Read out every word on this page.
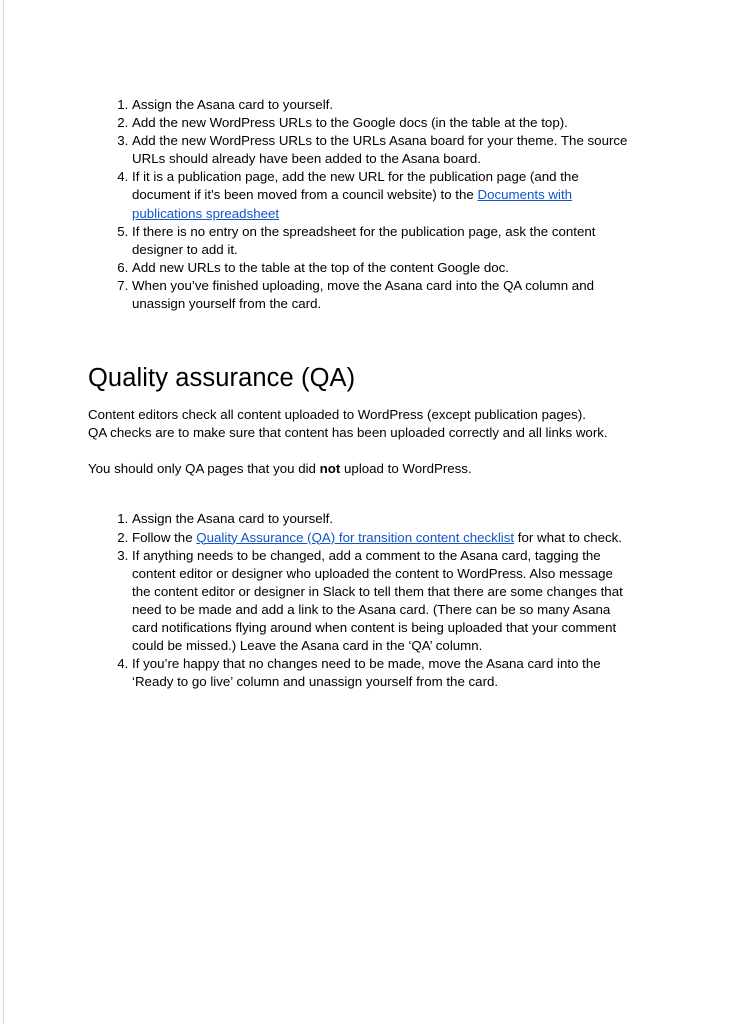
1. Assign the Asana card to yourself.
2. Add the new WordPress URLs to the Google docs (in the table at the top).
3. Add the new WordPress URLs to the URLs Asana board for your theme. The source URLs should already have been added to the Asana board.
4. If it is a publication page, add the new URL for the publication page (and the document if it's been moved from a council website) to the Documents with publications spreadsheet
5. If there is no entry on the spreadsheet for the publication page, ask the content designer to add it.
6. Add new URLs to the table at the top of the content Google doc.
7. When you’ve finished uploading, move the Asana card into the QA column and unassign yourself from the card.
Quality assurance (QA)

Content editors check all content uploaded to WordPress (except publication pages).

QA checks are to make sure that content has been uploaded correctly and all links work.

You should only QA pages that you did not upload to WordPress.

1. Assign the Asana card to yourself.
2. Follow the Quality Assurance (QA) for transition content checklist for what to check.
3. If anything needs to be changed, add a comment to the Asana card, tagging the content editor or designer who uploaded the content to WordPress. Also message the content editor or designer in Slack to tell them that there are some changes that need to be made and add a link to the Asana card. (There can be so many Asana card notifications flying around when content is being uploaded that your comment could be missed.) Leave the Asana card in the ‘QA’ column.
4. If you’re happy that no changes need to be made, move the Asana card into the ‘Ready to go live’ column and unassign yourself from the card.
